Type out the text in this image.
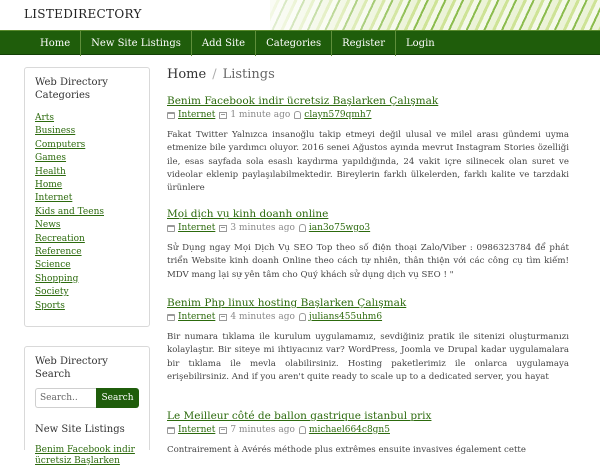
LISTEDIRECTORY
Home	New Site Listings	Add Site	Categories	Register	Login
Web Directory Categories
Arts
Business
Computers
Games
Health
Home
Internet
Kids and Teens
News
Recreation
Reference
Science
Shopping
Society
Sports
Web Directory Search
Search..
Search
New Site Listings
Benim Facebook indir
ücretsiz Başlarken
Home / Listings
Benim Facebook indir ücretsiz Başlarken Çalışmak
Internet 1 minute ago clayn579qmh7
Fakat Twitter Yalnızca insanoğlu takip etmeyi değil ulusal ve milel arası gündemi uyma etmenize bile yardımcı oluyor. 2016 senei Ağustos ayında mevrut Instagram Stories özelliği ile, esas sayfada sola esaslı kaydırma yapıldığında, 24 vakit içre silinecek olan suret ve videolar eklenip paylaşılabilmektedir. Bireylerin farklı ülkelerden, farklı kalite ve tarzdaki ürünlere
Mọi dịch vụ kinh doanh online
Internet 3 minutes ago ian3o75wgo3
Sử Dụng ngay Mọi Dịch Vụ SEO Top theo số điện thoại Zalo/Viber : 0986323784 để phát triển Website kinh doanh Online theo cách tự nhiên, thân thiện với các công cụ tìm kiếm! MDV mang lại sự yên tâm cho Quý khách sử dụng dịch vụ SEO ! "
Benim Php linux hosting Başlarken Çalışmak
Internet 4 minutes ago julians455uhm6
Bir numara tıklama ile kurulum uygulamamız, sevdiğiniz pratik ile sitenizi oluşturmanızı kolaylaştır. Bir siteye mi ihtiyacınız var? WordPress, Joomla ve Drupal kadar uygulamalara bir tıklama ile mevla olabilirsiniz. Hosting paketlerimiz ile onlarca uygulamaya erişebilirsiniz. And if you aren't quite ready to scale up to a dedicated server, you hayat
Le Meilleur côté de ballon gastrique istanbul prix
Internet 7 minutes ago michael664c8gn5
Contrairement à Avérés méthode plus extrêmes ensuite invasives également cette
